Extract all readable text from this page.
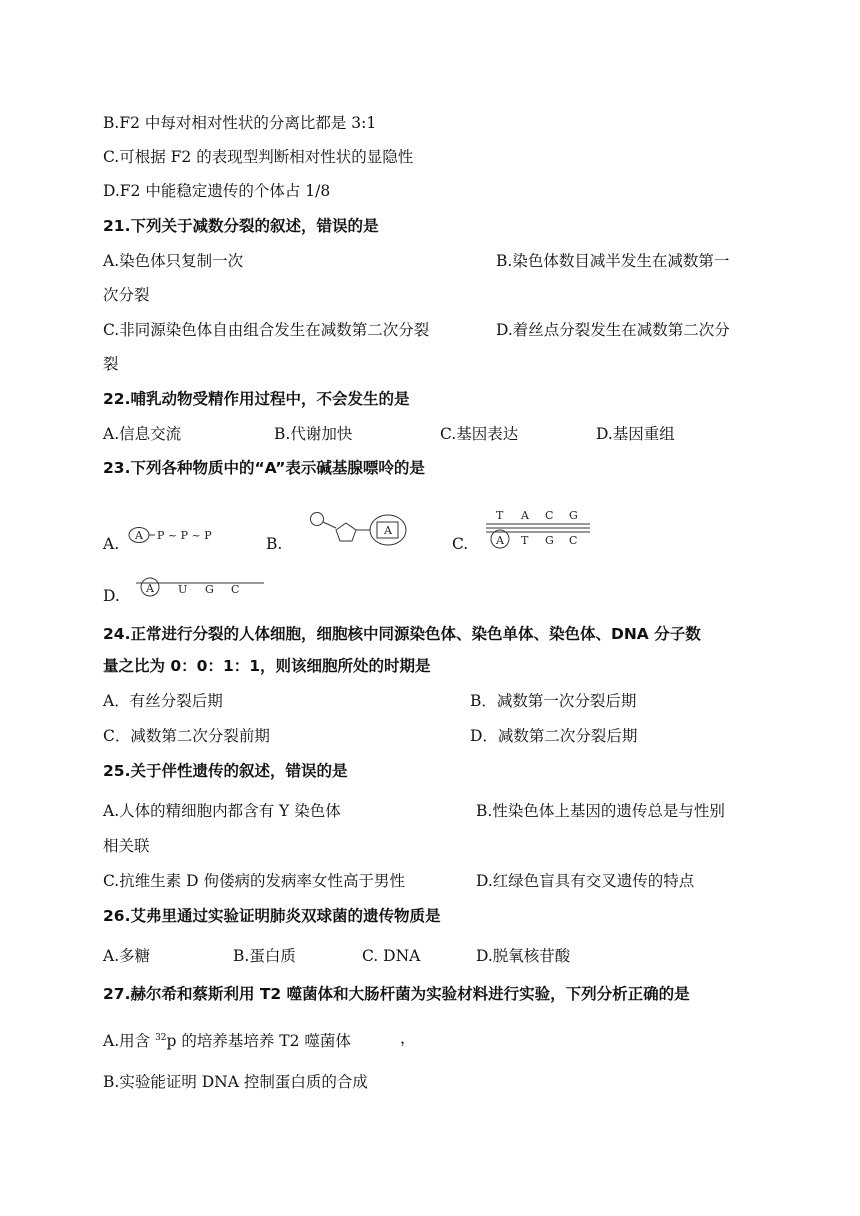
B.F2 中每对相对性状的分离比都是 3:1
C.可根据 F2 的表现型判断相对性状的显隐性
D.F2 中能稳定遗传的个体占 1/8
21.下列关于减数分裂的叙述，错误的是
A.染色体只复制一次	B.染色体数目减半发生在减数第一
次分裂
C.非同源染色体自由组合发生在减数第二次分裂	D.着丝点分裂发生在减数第二次分
裂
22.哺乳动物受精作用过程中，不会发生的是
A.信息交流	B.代谢加快	C.基因表达	D.基因重组
23.下列各种物质中的“A”表示碱基腺嘌呤的是
A. A P ~ P ~ P	B.
A
C.
T A C G
A T G C
D. A U G C
24.正常进行分裂的人体细胞，细胞核中同源染色体、染色单体、染色体、DNA 分子数
量之比为 0：0：1：1，则该细胞所处的时期是
A．有丝分裂后期	B．减数第一次分裂后期
C．减数第二次分裂前期	D．减数第二次分裂后期
25.关于伴性遗传的叙述，错误的是
A.人体的精细胞内都含有 Y 染色体	B.性染色体上基因的遗传总是与性别
相关联
C.抗维生素 D 佝偻病的发病率女性高于男性	D.红绿色盲具有交叉遗传的特点
26.艾弗里通过实验证明肺炎双球菌的遗传物质是
A.多糖	B.蛋白质	C. DNA	D.脱氧核苷酸
27.赫尔希和蔡斯利用 T2 噬菌体和大肠杆菌为实验材料进行实验，下列分析正确的是
A.用含 $^{32}$p 的培养基培养 T2 噬菌体	，
B.实验能证明 DNA 控制蛋白质的合成
